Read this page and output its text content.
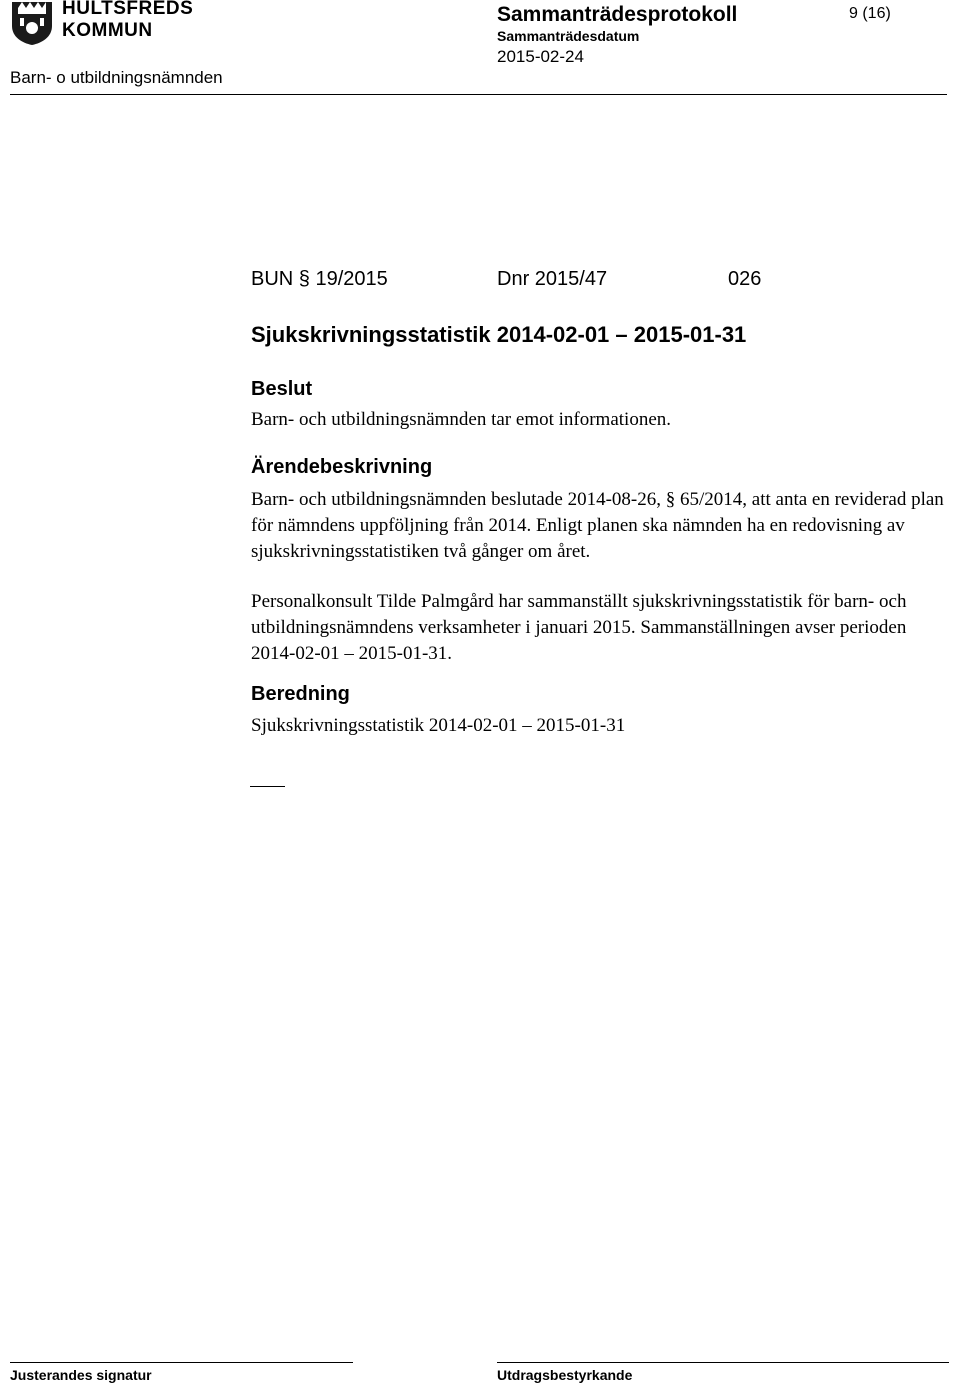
HULTSFREDS
KOMMUN
Barn- o utbildningsnämnden
Sammanträdesprotokoll
Sammanträdesdatum
2015-02-24
9 (16)
BUN § 19/2015	Dnr 2015/47	026
Sjukskrivningsstatistik 2014-02-01 – 2015-01-31
Beslut
Barn- och utbildningsnämnden tar emot informationen.
Ärendebeskrivning
Barn- och utbildningsnämnden beslutade 2014-08-26, § 65/2014, att anta en reviderad plan för nämndens uppföljning från 2014. Enligt planen ska nämnden ha en redovisning av sjukskrivningsstatistiken två gånger om året.
Personalkonsult Tilde Palmgård har sammanställt sjukskrivningsstatistik för barn- och utbildningsnämndens verksamheter i januari 2015. Sammanställningen avser perioden 2014-02-01 – 2015-01-31.
Beredning
Sjukskrivningsstatistik 2014-02-01 – 2015-01-31
Justerandes signatur	Utdragsbestyrkande
